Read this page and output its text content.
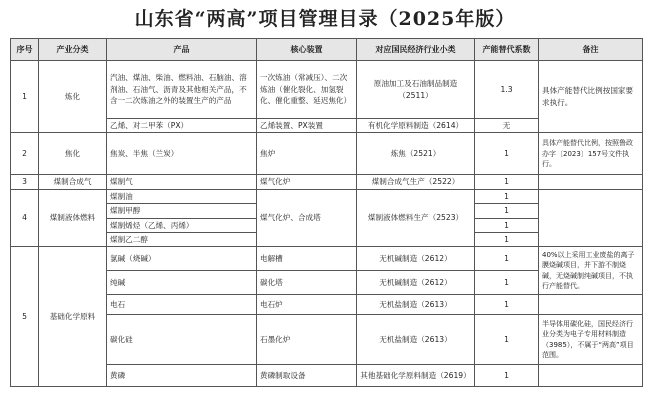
山东省“两高”项目管理目录（2025年版）
序号	产业分类	产品	核心装置	对应国民经济行业小类	产能替代系数	备注
1	炼化	汽油、煤油、柴油、燃料油、石脑油、溶剂油、石油气、沥青及其他相关产品，不含一二次炼油之外的装置生产的产品	一次炼油（常减压）、二次炼油（催化裂化、加氢裂化、催化重整、延迟焦化）	原油加工及石油制品制造（2511）	1.3	具体产能替代比例按国家要求执行。
		乙烯、对二甲苯（PX）	乙烯装置、PX装置	有机化学原料制造（2614）	无	
2	焦化	焦炭、半焦（兰炭）	焦炉	炼焦（2521）	1	具体产能替代比例，按照鲁政办字〔2023〕157号文件执行。
3	煤制合成气	煤制气	煤气化炉	煤制合成气生产（2522）	1	
4	煤制液体燃料	煤制油	煤气化炉、合成塔	煤制液体燃料生产（2523）	1	
		煤制甲醇			1	
		煤制烯烃（乙烯、丙烯）			1	
		煤制乙二醇			1	
5	基础化学原料	氯碱（烧碱）	电解槽	无机碱制造（2612）	1	40%以上采用工业废盐的离子膜烧碱项目，并下游不制烧碱，无烧碱制纯碱项目，不执行产能替代。
		纯碱	碳化塔	无机碱制造（2612）	1	
		电石	电石炉	无机盐制造（2613）	1	
		碳化硅	石墨化炉	无机盐制造（2613）	1	半导体用碳化硅，国民经济行业分类为电子专用材料制造（3985），不属于“两高”项目范围。
		黄磷	黄磷制取设备	其他基础化学原料制造（2619）	1	
